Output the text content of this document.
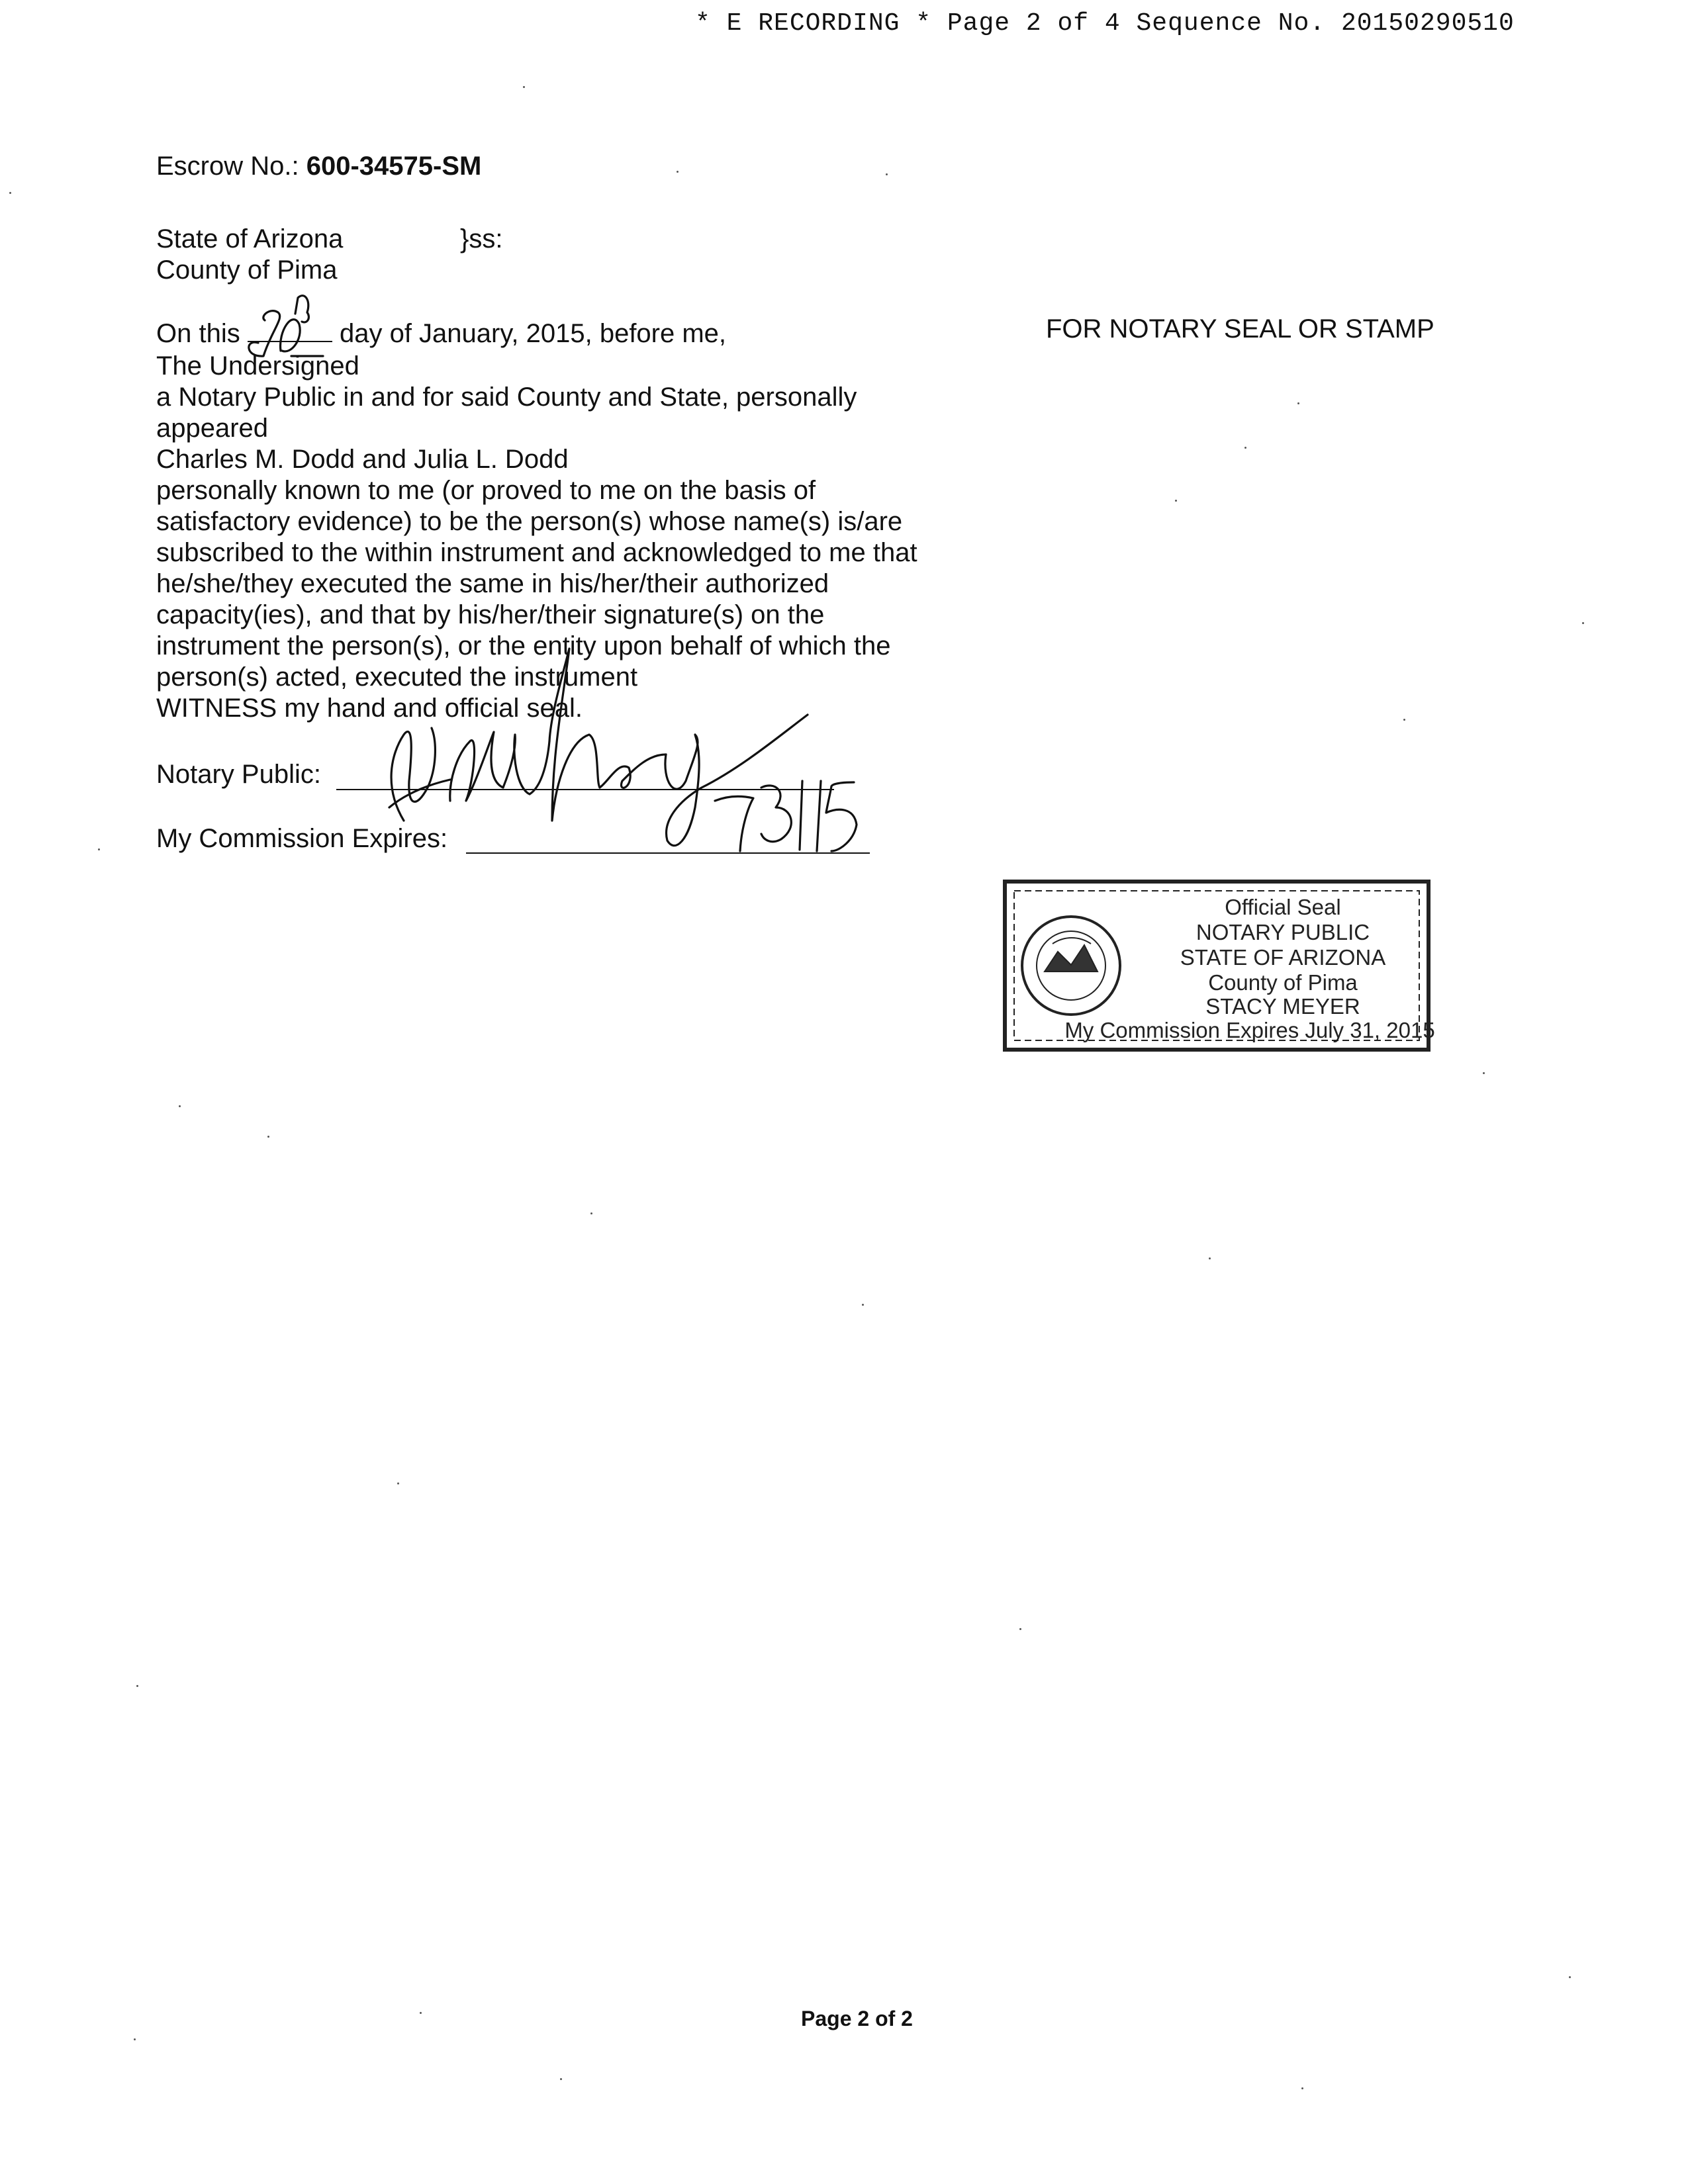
* E RECORDING * Page 2 of 4 Sequence No. 20150290510
Escrow No.: 600-34575-SM
State of Arizona	}ss:
County of Pima
On this	day of January, 2015, before me,	FOR NOTARY SEAL OR STAMP
The Undersigned
a Notary Public in and for said County and State, personally
appeared
Charles M. Dodd and Julia L. Dodd
personally known to me (or proved to me on the basis of
satisfactory evidence) to be the person(s) whose name(s) is/are
subscribed to the within instrument and acknowledged to me that
he/she/they executed the same in his/her/their authorized
capacity(ies), and that by his/her/their signature(s) on the
instrument the person(s), or the entity upon behalf of which the
person(s) acted, executed the instrument
WITNESS my hand and official seal.
Notary Public:
My Commission Expires:
Official Seal
NOTARY PUBLIC
STATE OF ARIZONA
County of Pima
STACY MEYER
My Commission Expires July 31, 2015
Page 2 of 2
